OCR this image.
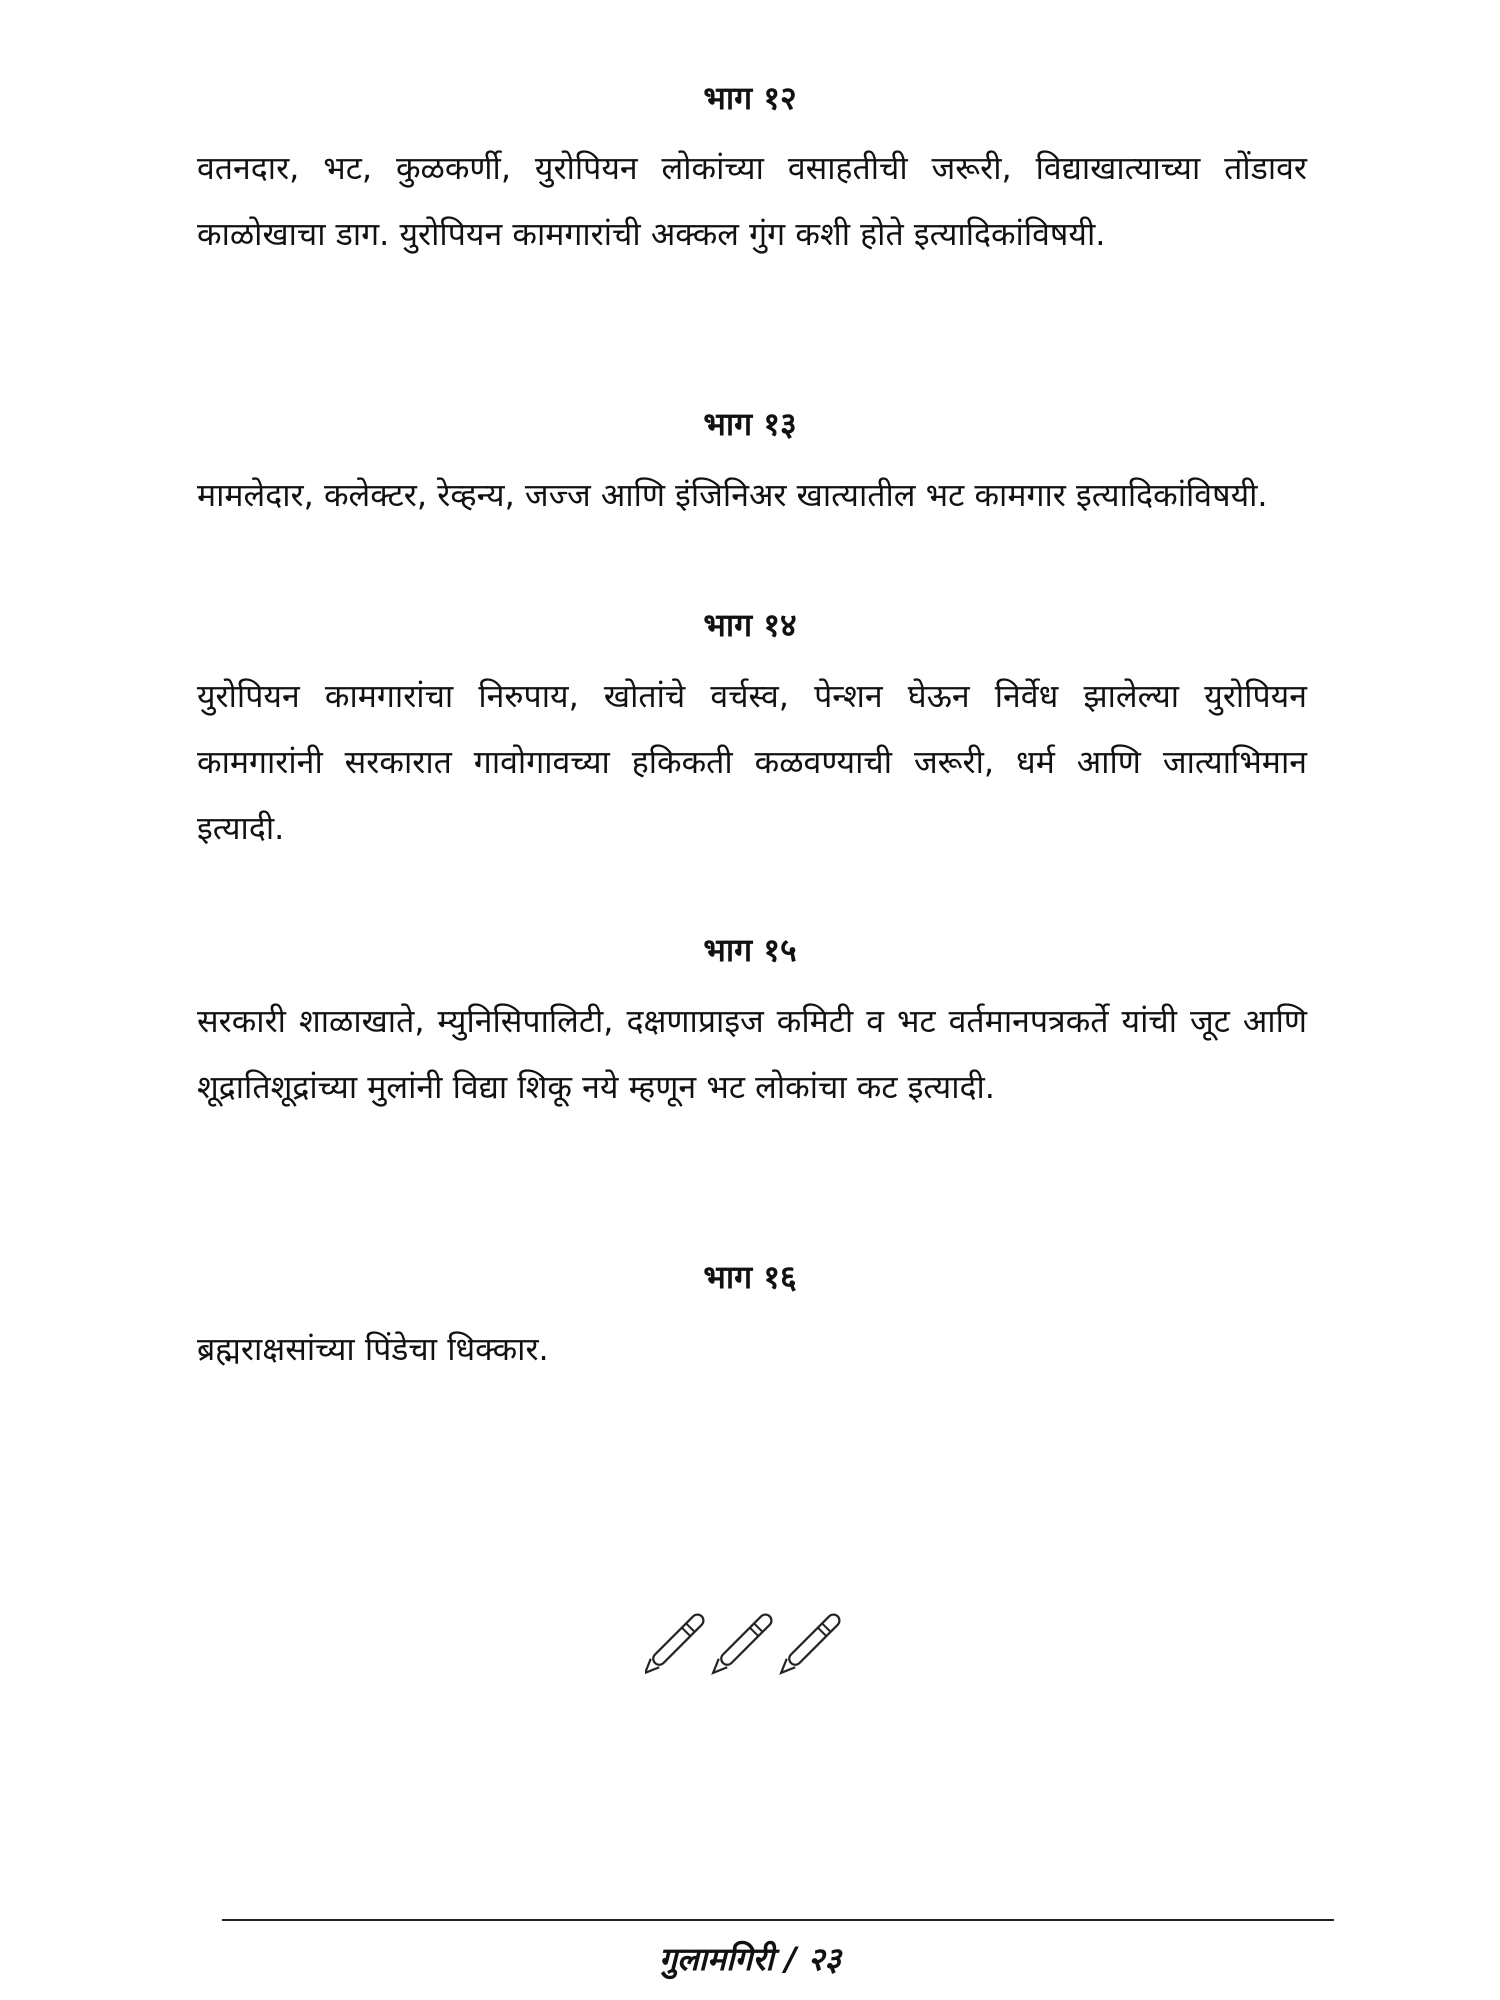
भाग १२

वतनदार, भट, कुळकर्णी, युरोपियन लोकांच्या वसाहतीची जरूरी, विद्याखात्याच्या तोंडावर काळोखाचा डाग. युरोपियन कामगारांची अक्कल गुंग कशी होते इत्यादिकांविषयी.

भाग १३

मामलेदार, कलेक्टर, रेव्हन्य, जज्ज आणि इंजिनिअर खात्यातील भट कामगार इत्यादिकांविषयी.

भाग १४

युरोपियन कामगारांचा निरुपाय, खोतांचे वर्चस्व, पेन्शन घेऊन निर्वेध झालेल्या युरोपियन कामगारांनी सरकारात गावोगावच्या हकिकती कळवण्याची जरूरी, धर्म आणि जात्याभिमान इत्यादी.

भाग १५

सरकारी शाळाखाते, म्युनिसिपालिटी, दक्षणाप्राइज कमिटी व भट वर्तमानपत्रकर्ते यांची जूट आणि शूद्रातिशूद्रांच्या मुलांनी विद्या शिकू नये म्हणून भट लोकांचा कट इत्यादी.

भाग १६

ब्रह्मराक्षसांच्या पिंडेचा धिक्कार.

गुलामगिरी / २३
